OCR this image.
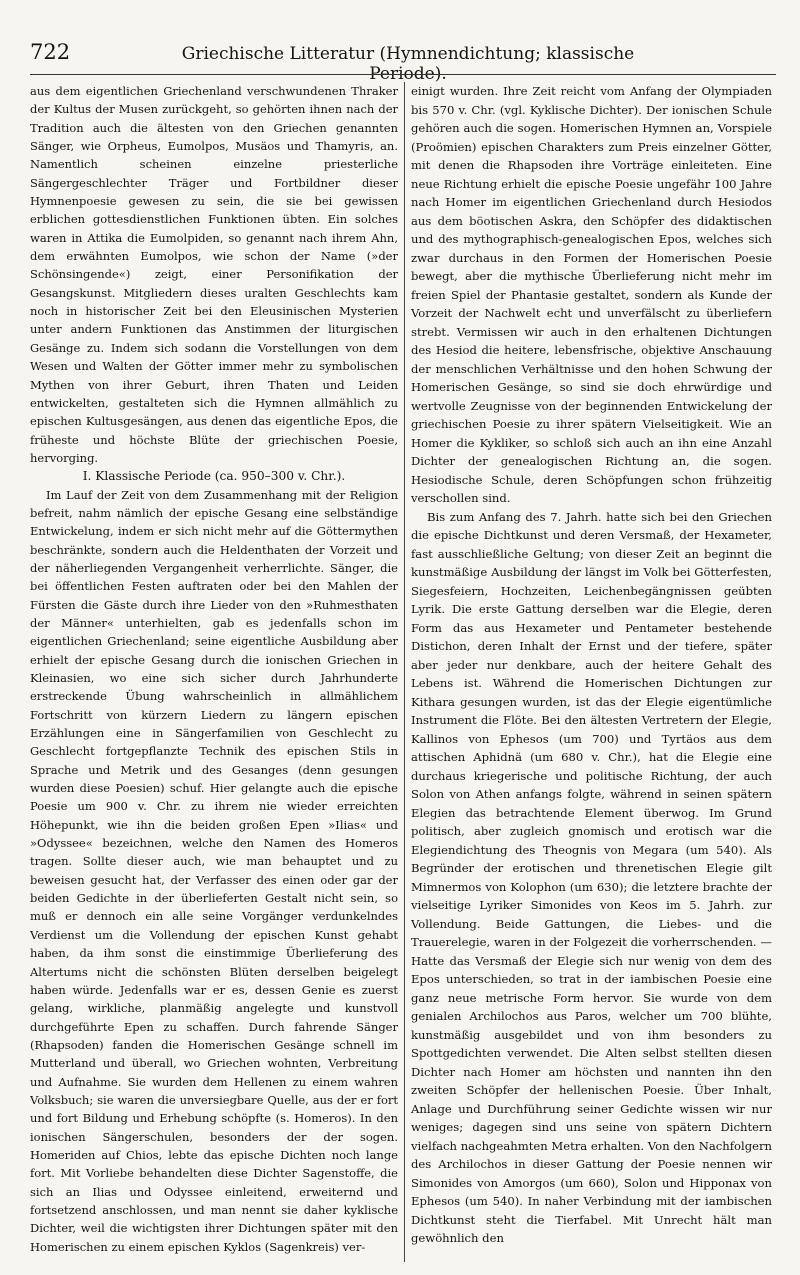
722	Griechische Litteratur (Hymnendichtung; klassische Periode).

aus dem eigentlichen Griechenland verschwundenen Thraker der Kultus der Musen zurückgeht, so gehörten ihnen nach der Tradition auch die ältesten von den Griechen genannten Sänger, wie Orpheus, Eumolpos, Musäos und Thamyris, an. Namentlich scheinen einzelne priesterliche Sängergeschlechter Träger und Fortbildner dieser Hymnenpoesie gewesen zu sein, die sie bei gewissen erblichen gottesdienstlichen Funktionen übten. Ein solches waren in Attika die Eumolpiden, so genannt nach ihrem Ahn, dem erwähnten Eumolpos, wie schon der Name (»der Schönsingende«) zeigt, einer Personifikation der Gesangskunst. Mitgliedern dieses uralten Geschlechts kam noch in historischer Zeit bei den Eleusinischen Mysterien unter andern Funktionen das Anstimmen der liturgischen Gesänge zu. Indem sich sodann die Vorstellungen von dem Wesen und Walten der Götter immer mehr zu symbolischen Mythen von ihrer Geburt, ihren Thaten und Leiden entwickelten, gestalteten sich die Hymnen allmählich zu epischen Kultusgesängen, aus denen das eigentliche Epos, die früheste und höchste Blüte der griechischen Poesie, hervorging.

I. Klassische Periode (ca. 950–300 v. Chr.).

Im Lauf der Zeit von dem Zusammenhang mit der Religion befreit, nahm nämlich der epische Gesang eine selbständige Entwickelung, indem er sich nicht mehr auf die Göttermythen beschränkte, sondern auch die Heldenthaten der Vorzeit und der näherliegenden Vergangenheit verherrlichte. Sänger, die bei öffentlichen Festen auftraten oder bei den Mahlen der Fürsten die Gäste durch ihre Lieder von den »Ruhmesthaten der Männer« unterhielten, gab es jedenfalls schon im eigentlichen Griechenland; seine eigentliche Ausbildung aber erhielt der epische Gesang durch die ionischen Griechen in Kleinasien, wo eine sich sicher durch Jahrhunderte erstreckende Übung wahrscheinlich in allmählichem Fortschritt von kürzern Liedern zu längern epischen Erzählungen eine in Sängerfamilien von Geschlecht zu Geschlecht fortgepflanzte Technik des epischen Stils in Sprache und Metrik und des Gesanges (denn gesungen wurden diese Poesien) schuf. Hier gelangte auch die epische Poesie um 900 v. Chr. zu ihrem nie wieder erreichten Höhepunkt, wie ihn die beiden großen Epen »Ilias« und »Odyssee« bezeichnen, welche den Namen des Homeros tragen. Sollte dieser auch, wie man behauptet und zu beweisen gesucht hat, der Verfasser des einen oder gar der beiden Gedichte in der überlieferten Gestalt nicht sein, so muß er dennoch ein alle seine Vorgänger verdunkelndes Verdienst um die Vollendung der epischen Kunst gehabt haben, da ihm sonst die einstimmige Überlieferung des Altertums nicht die schönsten Blüten derselben beigelegt haben würde. Jedenfalls war er es, dessen Genie es zuerst gelang, wirkliche, planmäßig angelegte und kunstvoll durchgeführte Epen zu schaffen. Durch fahrende Sänger (Rhapsoden) fanden die Homerischen Gesänge schnell im Mutterland und überall, wo Griechen wohnten, Verbreitung und Aufnahme. Sie wurden dem Hellenen zu einem wahren Volksbuch; sie waren die unversiegbare Quelle, aus der er fort und fort Bildung und Erhebung schöpfte (s. Homeros). In den ionischen Sängerschulen, besonders der der sogen. Homeriden auf Chios, lebte das epische Dichten noch lange fort. Mit Vorliebe behandelten diese Dichter Sagenstoffe, die sich an Ilias und Odyssee einleitend, erweiternd und fortsetzend anschlossen, und man nennt sie daher kyklische Dichter, weil die wichtigsten ihrer Dichtungen später mit den Homerischen zu einem epischen Kyklos (Sagenkreis) ver-

einigt wurden. Ihre Zeit reicht vom Anfang der Olympiaden bis 570 v. Chr. (vgl. Kyklische Dichter). Der ionischen Schule gehören auch die sogen. Homerischen Hymnen an, Vorspiele (Proömien) epischen Charakters zum Preis einzelner Götter, mit denen die Rhapsoden ihre Vorträge einleiteten. Eine neue Richtung erhielt die epische Poesie ungefähr 100 Jahre nach Homer im eigentlichen Griechenland durch Hesiodos aus dem böotischen Askra, den Schöpfer des didaktischen und des mythographisch-genealogischen Epos, welches sich zwar durchaus in den Formen der Homerischen Poesie bewegt, aber die mythische Überlieferung nicht mehr im freien Spiel der Phantasie gestaltet, sondern als Kunde der Vorzeit der Nachwelt echt und unverfälscht zu überliefern strebt. Vermissen wir auch in den erhaltenen Dichtungen des Hesiod die heitere, lebensfrische, objektive Anschauung der menschlichen Verhältnisse und den hohen Schwung der Homerischen Gesänge, so sind sie doch ehrwürdige und wertvolle Zeugnisse von der beginnenden Entwickelung der griechischen Poesie zu ihrer spätern Vielseitigkeit. Wie an Homer die Kykliker, so schloß sich auch an ihn eine Anzahl Dichter der genealogischen Richtung an, die sogen. Hesiodische Schule, deren Schöpfungen schon frühzeitig verschollen sind.

Bis zum Anfang des 7. Jahrh. hatte sich bei den Griechen die epische Dichtkunst und deren Versmaß, der Hexameter, fast ausschließliche Geltung; von dieser Zeit an beginnt die kunstmäßige Ausbildung der längst im Volk bei Götterfesten, Siegesfeiern, Hochzeiten, Leichenbegängnissen geübten Lyrik. Die erste Gattung derselben war die Elegie, deren Form das aus Hexameter und Pentameter bestehende Distichon, deren Inhalt der Ernst und der tiefere, später aber jeder nur denkbare, auch der heitere Gehalt des Lebens ist. Während die Homerischen Dichtungen zur Kithara gesungen wurden, ist das der Elegie eigentümliche Instrument die Flöte. Bei den ältesten Vertretern der Elegie, Kallinos von Ephesos (um 700) und Tyrtäos aus dem attischen Aphidnä (um 680 v. Chr.), hat die Elegie eine durchaus kriegerische und politische Richtung, der auch Solon von Athen anfangs folgte, während in seinen spätern Elegien das betrachtende Element überwog. Im Grund politisch, aber zugleich gnomisch und erotisch war die Elegiendichtung des Theognis von Megara (um 540). Als Begründer der erotischen und threnetischen Elegie gilt Mimnermos von Kolophon (um 630); die letztere brachte der vielseitige Lyriker Simonides von Keos im 5. Jahrh. zur Vollendung. Beide Gattungen, die Liebes- und die Trauerelegie, waren in der Folgezeit die vorherrschenden. — Hatte das Versmaß der Elegie sich nur wenig von dem des Epos unterschieden, so trat in der iambischen Poesie eine ganz neue metrische Form hervor. Sie wurde von dem genialen Archilochos aus Paros, welcher um 700 blühte, kunstmäßig ausgebildet und von ihm besonders zu Spottgedichten verwendet. Die Alten selbst stellten diesen Dichter nach Homer am höchsten und nannten ihn den zweiten Schöpfer der hellenischen Poesie. Über Inhalt, Anlage und Durchführung seiner Gedichte wissen wir nur weniges; dagegen sind uns seine von spätern Dichtern vielfach nachgeahmten Metra erhalten. Von den Nachfolgern des Archilochos in dieser Gattung der Poesie nennen wir Simonides von Amorgos (um 660), Solon und Hipponax von Ephesos (um 540). In naher Verbindung mit der iambischen Dichtkunst steht die Tierfabel. Mit Unrecht hält man gewöhnlich den
